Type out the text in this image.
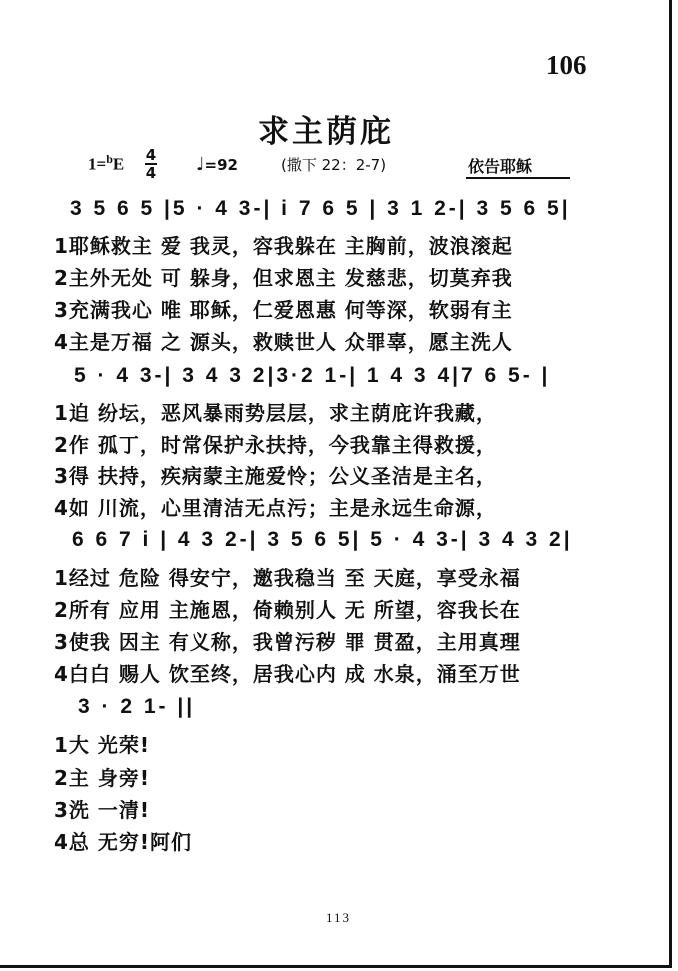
106
求主荫庇
1=$^b$E 4
4 ♩=92	(撒下 22：2-7)	依告耶稣
3 5 6 5 |5 · 4 3-| i 7 6 5 | 3 1 2-| 3 5 6 5|
1耶稣救主 爱 我灵，容我躲在 主胸前，波浪滚起
2主外无处 可 躲身，但求恩主 发慈悲，切莫弃我
3充满我心 唯 耶稣，仁爱恩惠 何等深，软弱有主
4主是万福 之 源头，救赎世人 众罪辜，愿主洗人
5 · 4 3-| 3 4 3 2|3·2 1-| 1 4 3 4|7 6 5- |
1迫 纷坛，恶风暴雨势层层，求主荫庇许我藏，
2作 孤丁，时常保护永扶持，今我靠主得救援，
3得 扶持，疾病蒙主施爱怜；公义圣洁是主名，
4如 川流，心里清洁无点污；主是永远生命源，
6 6 7 i | 4 3 2-| 3 5 6 5| 5 · 4 3-| 3 4 3 2|
1经过 危险 得安宁，邀我稳当 至 天庭，享受永福
2所有 应用 主施恩，倚赖别人 无 所望，容我长在
3使我 因主 有义称，我曾污秽 罪 贯盈，主用真理
4白白 赐人 饮至终，居我心内 成 水泉，涌至万世
3 · 2 1- ||
1大 光荣!
2主 身旁!
3洗 一清!
4总 无穷!阿们
113
